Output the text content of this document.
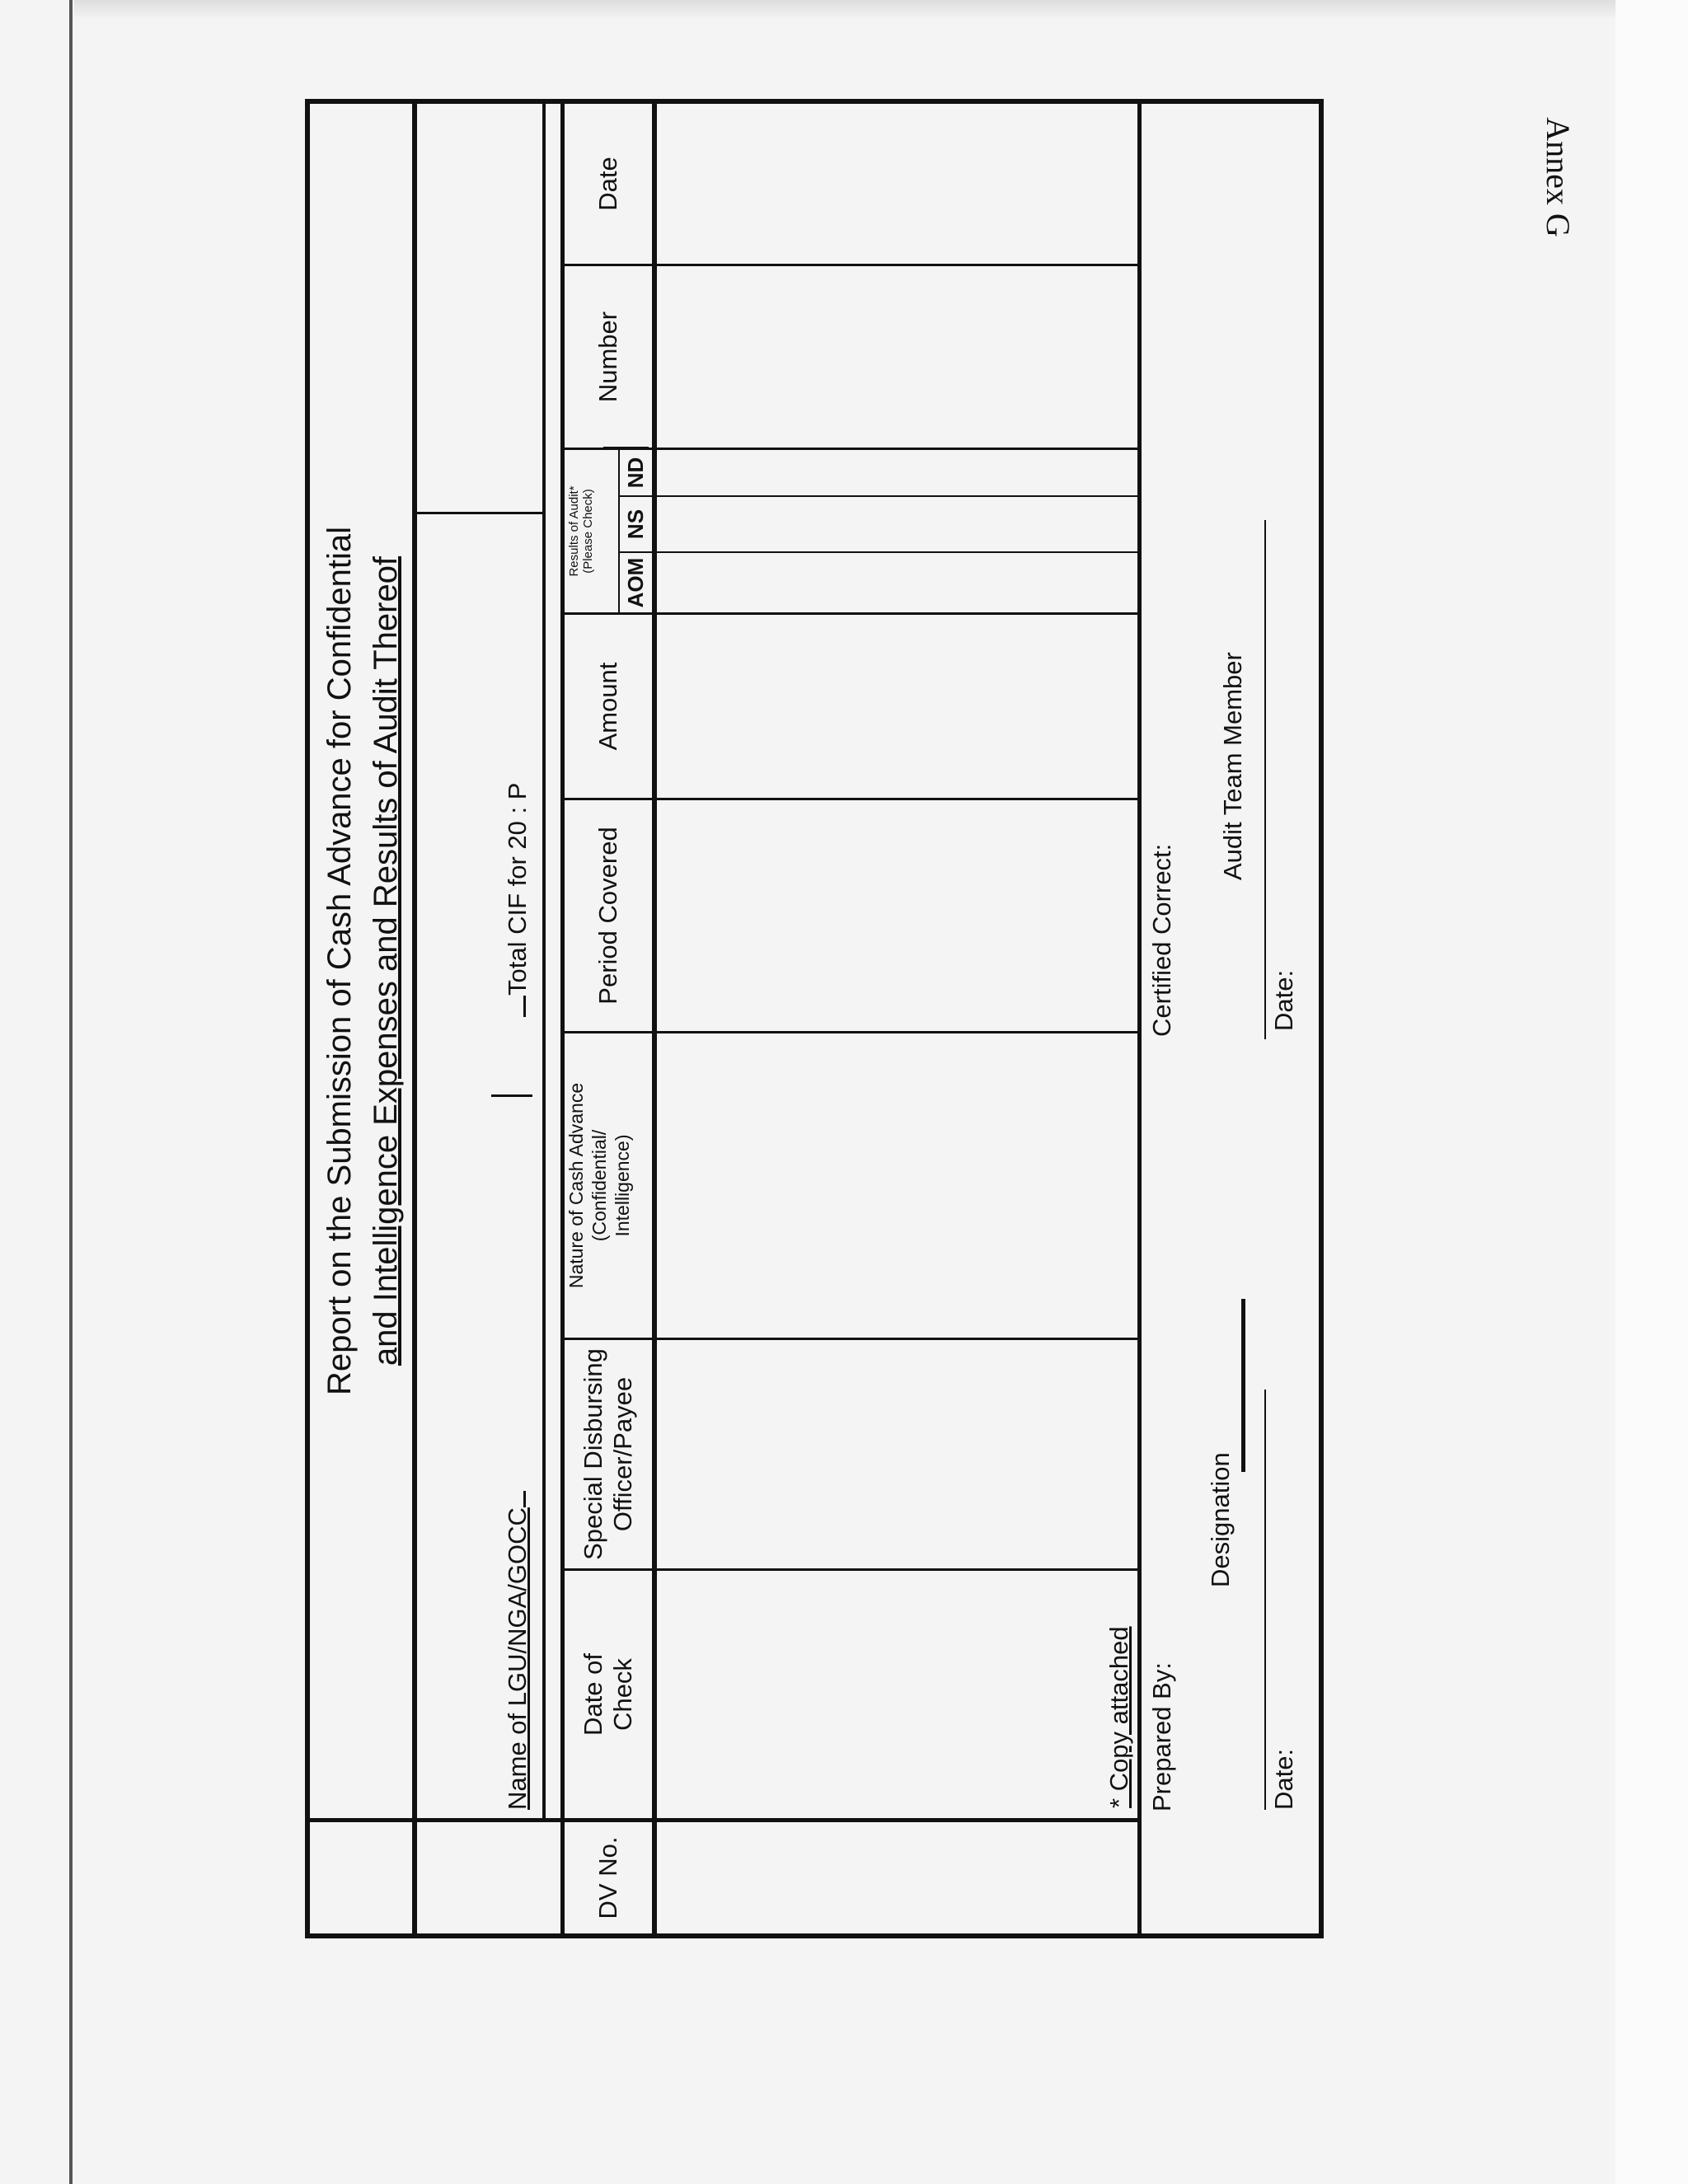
Annex G
Report on the Submission of Cash Advance for Confidential and Intelligence Expenses and Results of Audit Thereof
Name of LGU/NGA/GOCC
Total CIF for 20 : P
DV No.
Date of Check
Special Disbursing Officer/Payee
Nature of Cash Advance (Confidential/ Intelligence)
Period Covered
Amount
Results of Audit* (Please Check)
AOM
NS
ND
Number
Date
* Copy attached Prepared By:
Designation
Date:
Certified Correct:
Audit Team Member
Date:
